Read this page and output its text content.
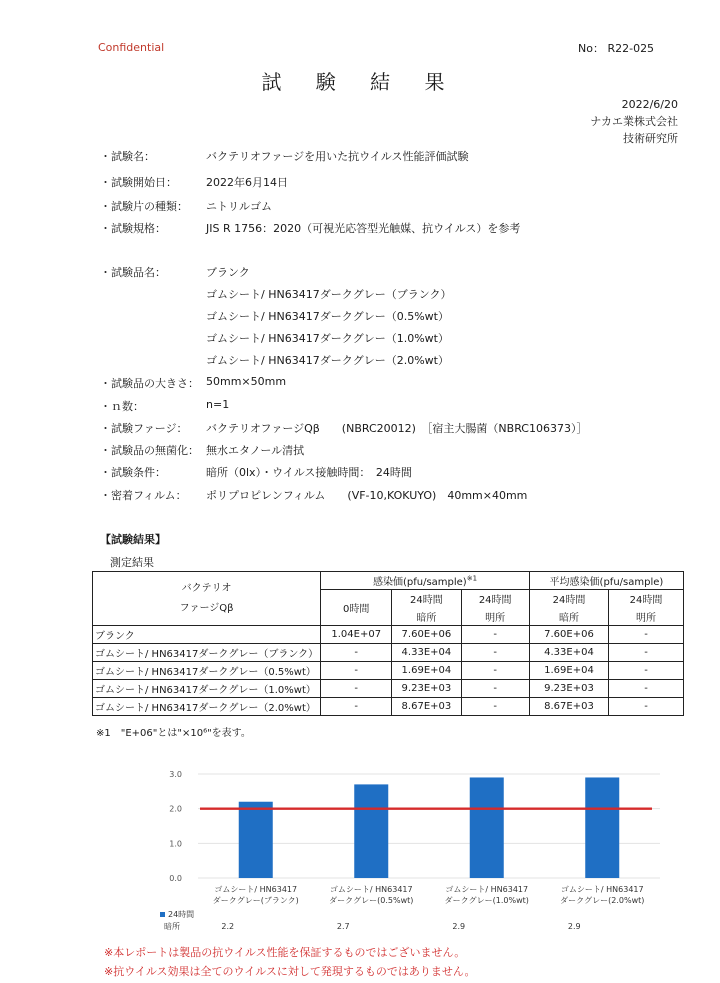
Confidential	No： R22-025
試 験 結 果
2022/6/20
ナカエ業株式会社
技術研究所
・試験名：	バクテリオファージを用いた抗ウイルス性能評価試験
・試験開始日：	2022年6月14日
・試験片の種類： ニトリルゴム
・試験規格：	JIS R 1756：2020（可視光応答型光触媒、抗ウイルス）を参考
・試験品名：	ブランク
ゴムシート/ HN63417ダークグレー（ブランク）
ゴムシート/ HN63417ダークグレー（0.5%wt）
ゴムシート/ HN63417ダークグレー（1.0%wt）
ゴムシート/ HN63417ダークグレー（2.0%wt）
・試験品の大きさ： 50mm×50mm
・ｎ数：	n=1
・試験ファージ： バクテリオファージQβ　　(NBRC20012)　［宿主大腸菌（NBRC106373）］
・試験品の無菌化： 無水エタノール清拭
・試験条件：	暗所（0lx）・ウイルス接触時間：　24時間
・密着フィルム： ポリプロピレンフィルム　　(VF-10,KOKUYO)　40mm×40mm
【試験結果】
測定結果
バクテリオ
ファージQβ	感染価(pfu/sample)$^{※1}$			平均感染価(pfu/sample)	
	0時間	24時間	24時間	24時間	24時間
		暗所	明所	暗所	明所
ブランク	1.04E+07	7.60E+06	-	7.60E+06	-
ゴムシート/ HN63417ダークグレー（ブランク）	-	4.33E+04	-	4.33E+04	-
ゴムシート/ HN63417ダークグレー（0.5%wt）	-	1.69E+04	-	1.69E+04	-
ゴムシート/ HN63417ダークグレー（1.0%wt）	-	9.23E+03	-	9.23E+03	-
ゴムシート/ HN63417ダークグレー（2.0%wt）	-	8.67E+03	-	8.67E+03	-
※1　"E+06"とは"×10⁶"を表す。
0.0
1.0
2.0
3.0
ゴムシート/ HN63417
ダークグレー(ブランク)
2.2
ゴムシート/ HN63417
ダークグレー(0.5%wt)
2.7
ゴムシート/ HN63417
ダークグレー(1.0%wt)
2.9
ゴムシート/ HN63417
ダークグレー(2.0%wt)
2.9
24時間
暗所
※本レポートは製品の抗ウイルス性能を保証するものではございません。
※抗ウイルス効果は全てのウイルスに対して発現するものではありません。
